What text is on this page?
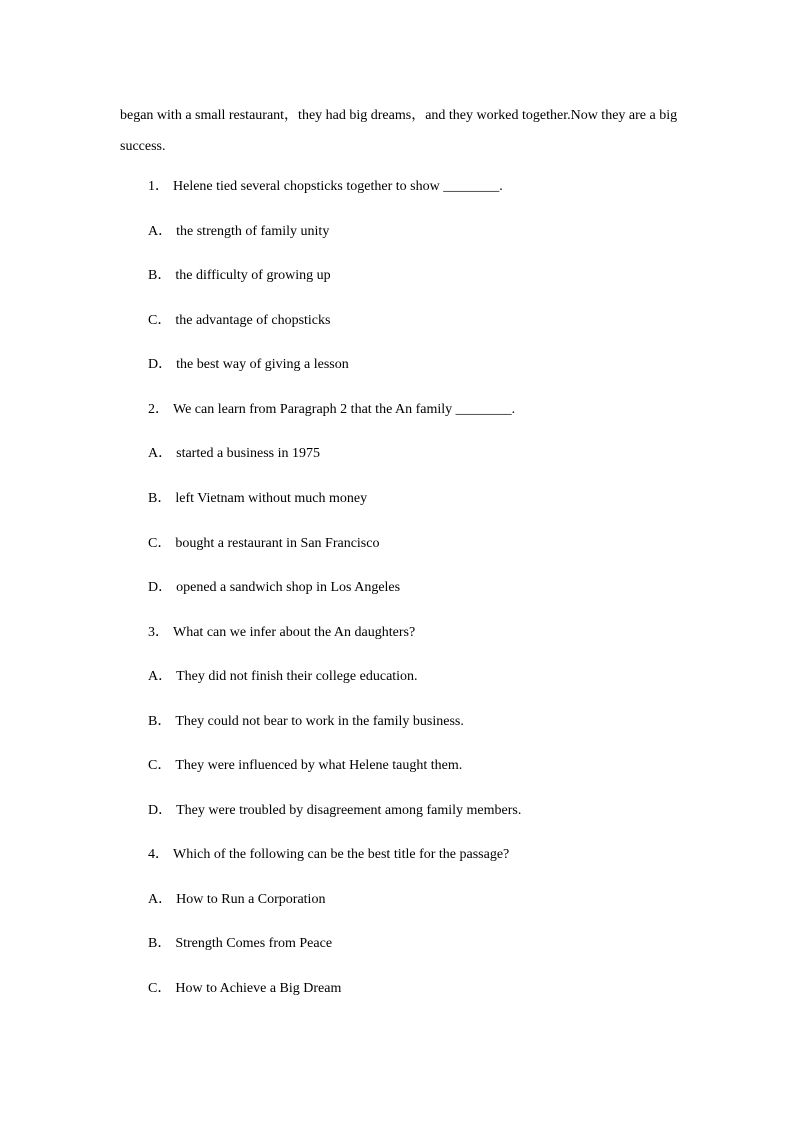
began with a small restaurant，they had big dreams，and they worked together.Now they are a big
success.
1． Helene tied several chopsticks together to show ________.
A． the strength of family unity
B． the difficulty of growing up
C． the advantage of chopsticks
D． the best way of giving a lesson
2． We can learn from Paragraph 2 that the An family ________.
A． started a business in 1975
B． left Vietnam without much money
C． bought a restaurant in San Francisco
D． opened a sandwich shop in Los Angeles
3． What can we infer about the An daughters?
A． They did not finish their college education.
B． They could not bear to work in the family business.
C． They were influenced by what Helene taught them.
D． They were troubled by disagreement among family members.
4． Which of the following can be the best title for the passage?
A． How to Run a Corporation
B． Strength Comes from Peace
C． How to Achieve a Big Dream
